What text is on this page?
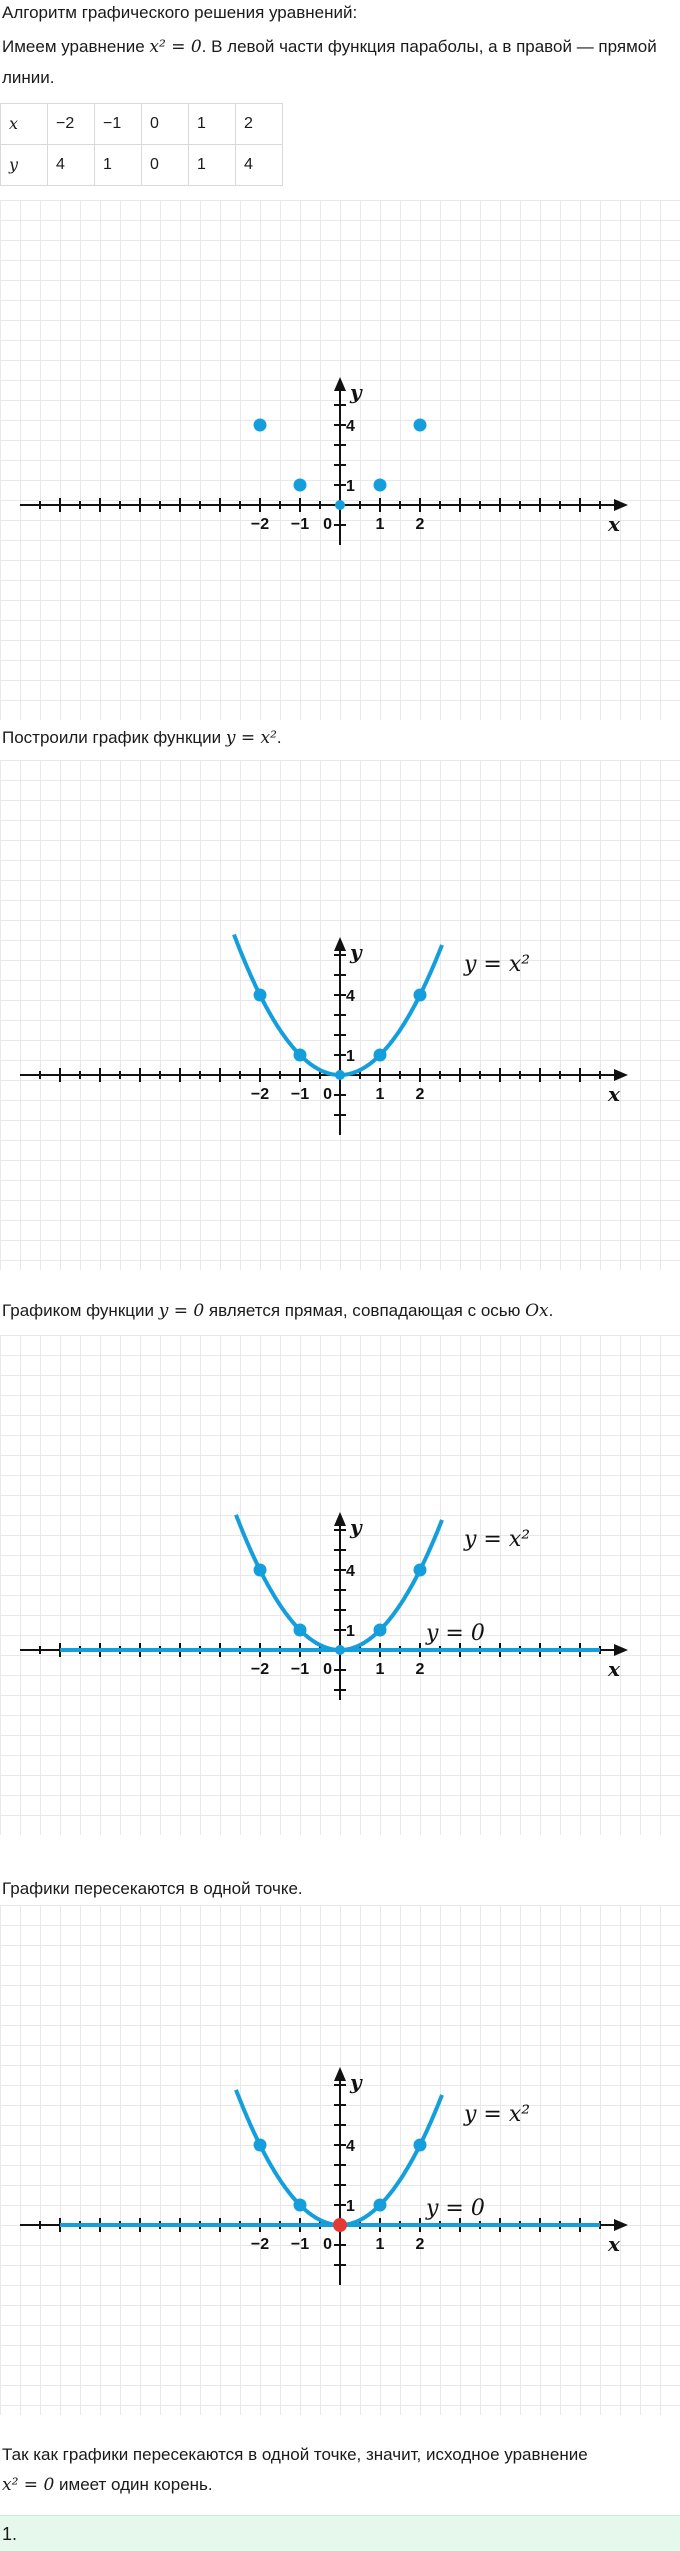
Алгоритм графического решения уравнений:

Имеем уравнение x² = 0. В левой части функция параболы, а в правой — прямой линии.

x	−2	−1	0	1	2
y	4	1	0	1	4
−2 −1	1 2
1
4
0	x
y

Построили график функции y = x².

−2 −1	1 2
1
4
0	x
y	y = x²

Графиком функции y = 0 является прямая, совпадающая с осью Ox.

−2 −1	1 2
1
4
0	x
y	y = x²
y = 0

Графики пересекаются в одной точке.

−2 −1	1 2
1
4
0	x
y
y = x²
y = 0

Так как графики пересекаются в одной точке, значит, исходное уравнение
x² = 0 имеет один корень.

1.
